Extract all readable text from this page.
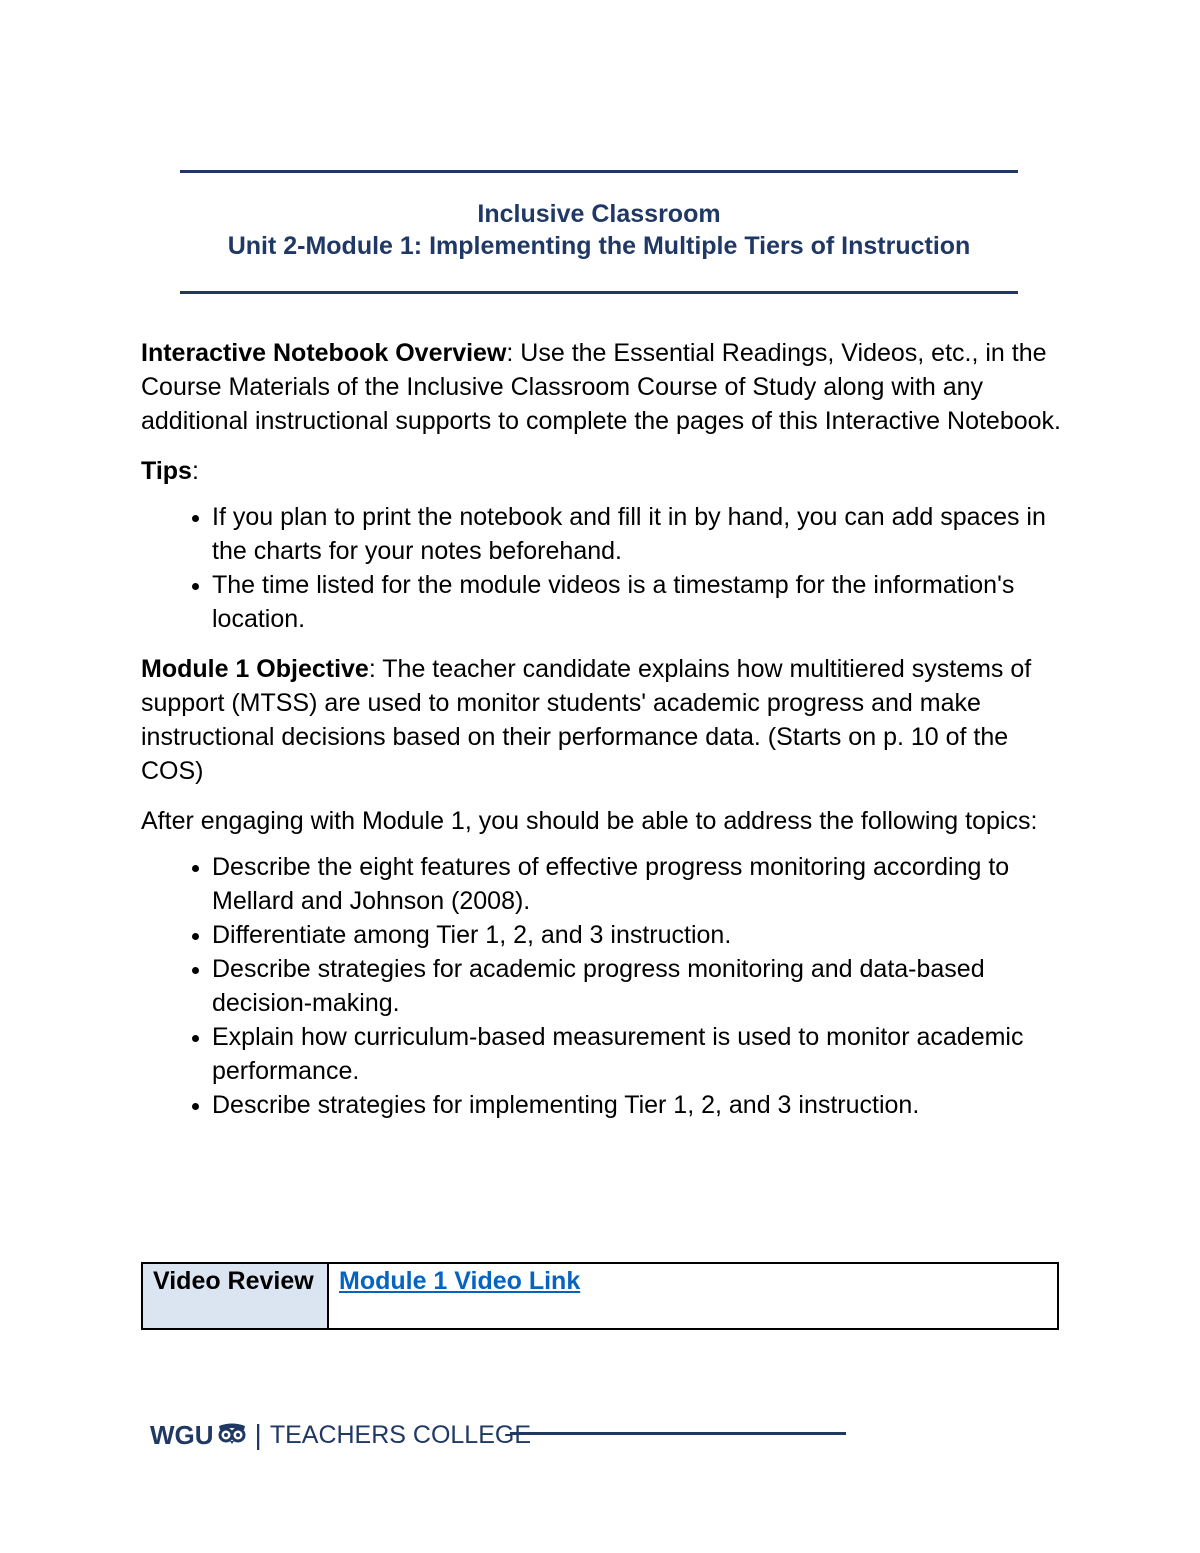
Inclusive Classroom
Unit 2-Module 1: Implementing the Multiple Tiers of Instruction

Interactive Notebook Overview: Use the Essential Readings, Videos, etc., in the Course Materials of the Inclusive Classroom Course of Study along with any additional instructional supports to complete the pages of this Interactive Notebook.

Tips:

• If you plan to print the notebook and fill it in by hand, you can add spaces in the charts for your notes beforehand.
• The time listed for the module videos is a timestamp for the information's location.

Module 1 Objective: The teacher candidate explains how multitiered systems of support (MTSS) are used to monitor students' academic progress and make instructional decisions based on their performance data. (Starts on p. 10 of the COS)

After engaging with Module 1, you should be able to address the following topics:

• Describe the eight features of effective progress monitoring according to Mellard and Johnson (2008).
• Differentiate among Tier 1, 2, and 3 instruction.
• Describe strategies for academic progress monitoring and data-based decision-making.
• Explain how curriculum-based measurement is used to monitor academic performance.
• Describe strategies for implementing Tier 1, 2, and 3 instruction.
Video Review	Module 1 Video Link
WGU | TEACHERS COLLEGE
